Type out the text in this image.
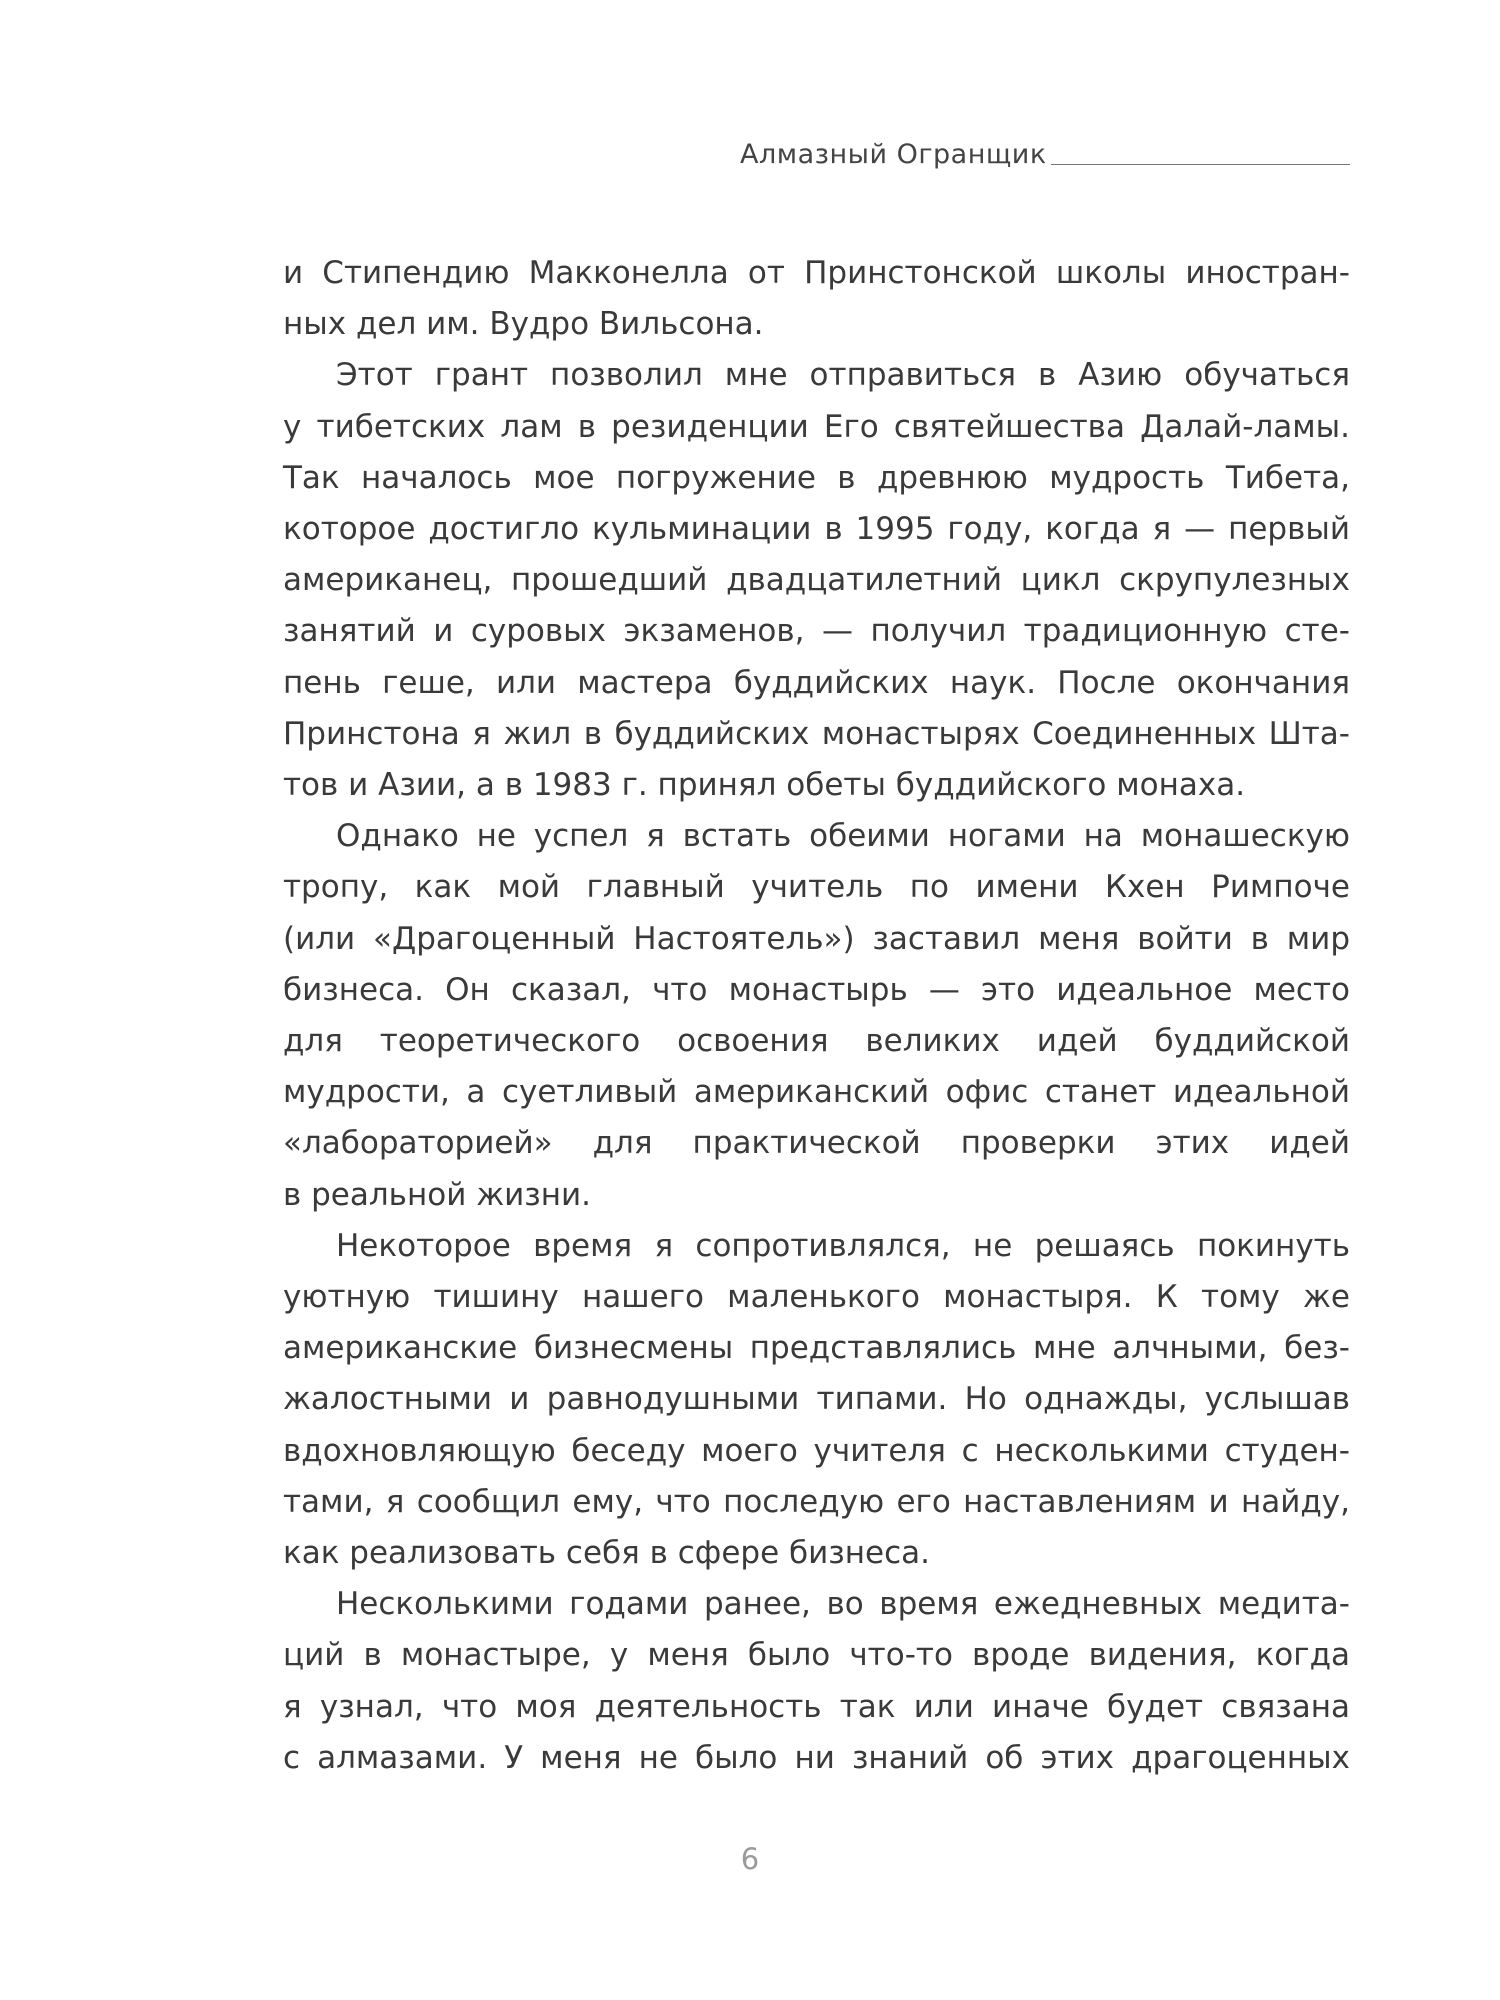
Алмазный Огранщик

и Стипендию Макконелла от Принстонской школы иностран-
ных дел им. Вудро Вильсона.

Этот грант позволил мне отправиться в Азию обучаться
у тибетских лам в резиденции Его святейшества Далай-ламы.
Так началось мое погружение в древнюю мудрость Тибета,
которое достигло кульминации в 1995 году, когда я — первый
американец, прошедший двадцатилетний цикл скрупулезных
занятий и суровых экзаменов, — получил традиционную сте-
пень геше, или мастера буддийских наук. После окончания
Принстона я жил в буддийских монастырях Соединенных Шта-
тов и Азии, а в 1983 г. принял обеты буддийского монаха.

Однако не успел я встать обеими ногами на монашескую
тропу, как мой главный учитель по имени Кхен Римпоче
(или «Драгоценный Настоятель») заставил меня войти в мир
бизнеса. Он сказал, что монастырь — это идеальное место
для теоретического освоения великих идей буддийской
мудрости, а суетливый американский офис станет идеальной
«лабораторией» для практической проверки этих идей
в реальной жизни.

Некоторое время я сопротивлялся, не решаясь покинуть
уютную тишину нашего маленького монастыря. К тому же
американские бизнесмены представлялись мне алчными, без-
жалостными и равнодушными типами. Но однажды, услышав
вдохновляющую беседу моего учителя с несколькими студен-
тами, я сообщил ему, что последую его наставлениям и найду,
как реализовать себя в сфере бизнеса.

Несколькими годами ранее, во время ежедневных медита-
ций в монастыре, у меня было что-то вроде видения, когда
я узнал, что моя деятельность так или иначе будет связана
с алмазами. У меня не было ни знаний об этих драгоценных

6
